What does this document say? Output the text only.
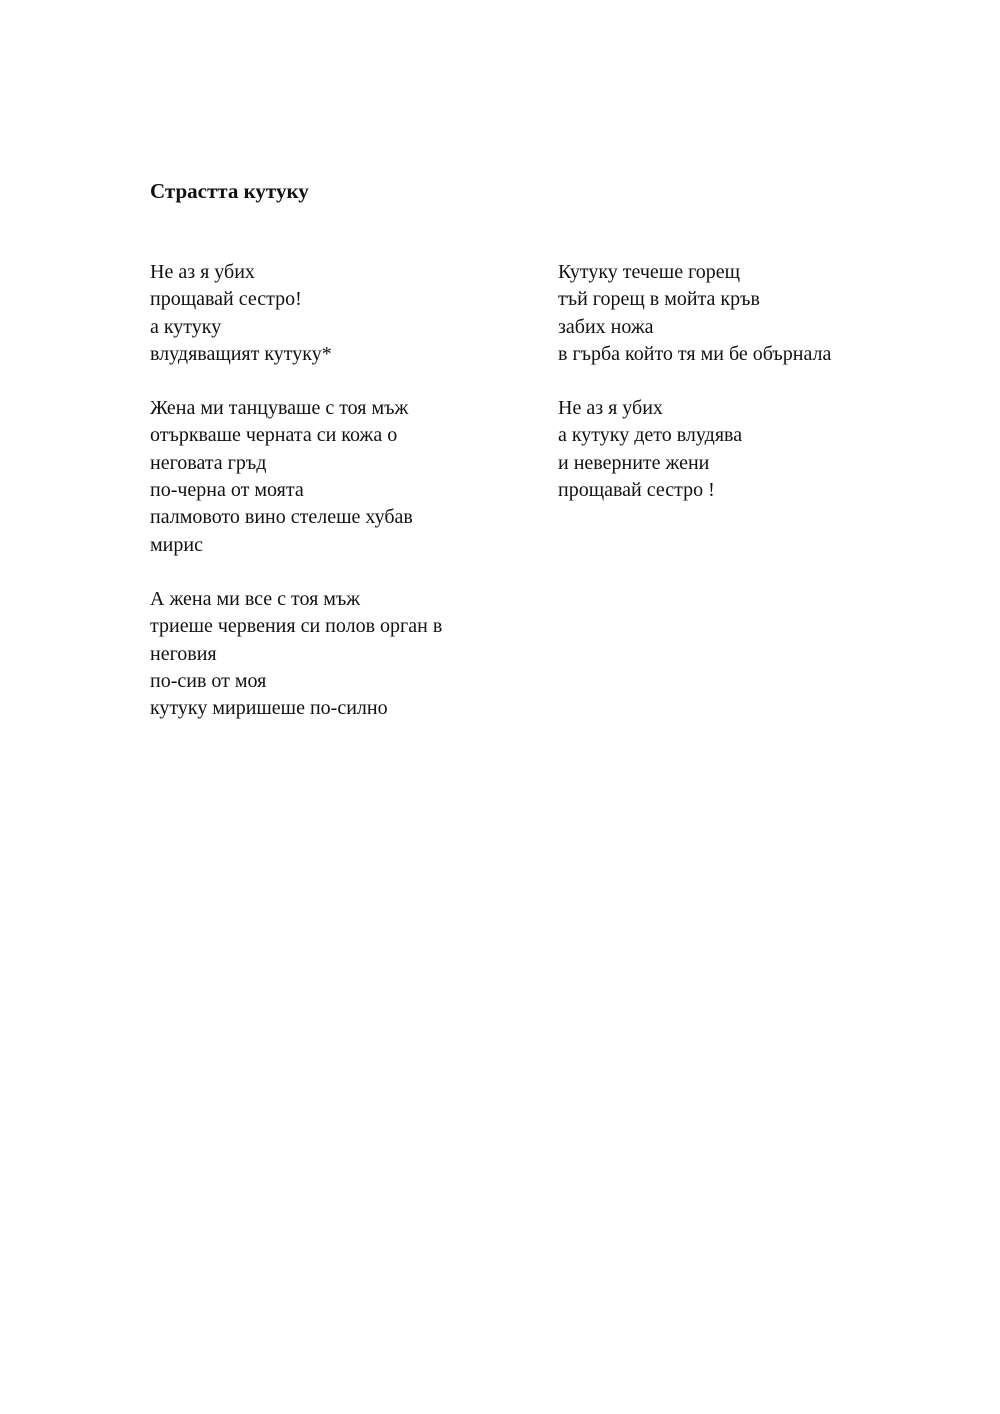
Страстта кутуку
Не аз я убих
прощавай сестро!
а кутуку
влудяващият кутуку*
Жена ми танцуваше с тоя мъж
отъркваше черната си кожа о
неговата гръд
по-черна от моята
палмовото вино стелеше хубав
мирис
А жена ми все с тоя мъж
триеше червения си полов орган в
неговия
по-сив от моя
кутуку миришеше по-силно
Кутуку течеше горещ
тъй горещ в мойта кръв
забих ножа
в гърба който тя ми бе обърнала
Не аз я убих
а кутуку дето влудява
и неверните жени
прощавай сестро !
